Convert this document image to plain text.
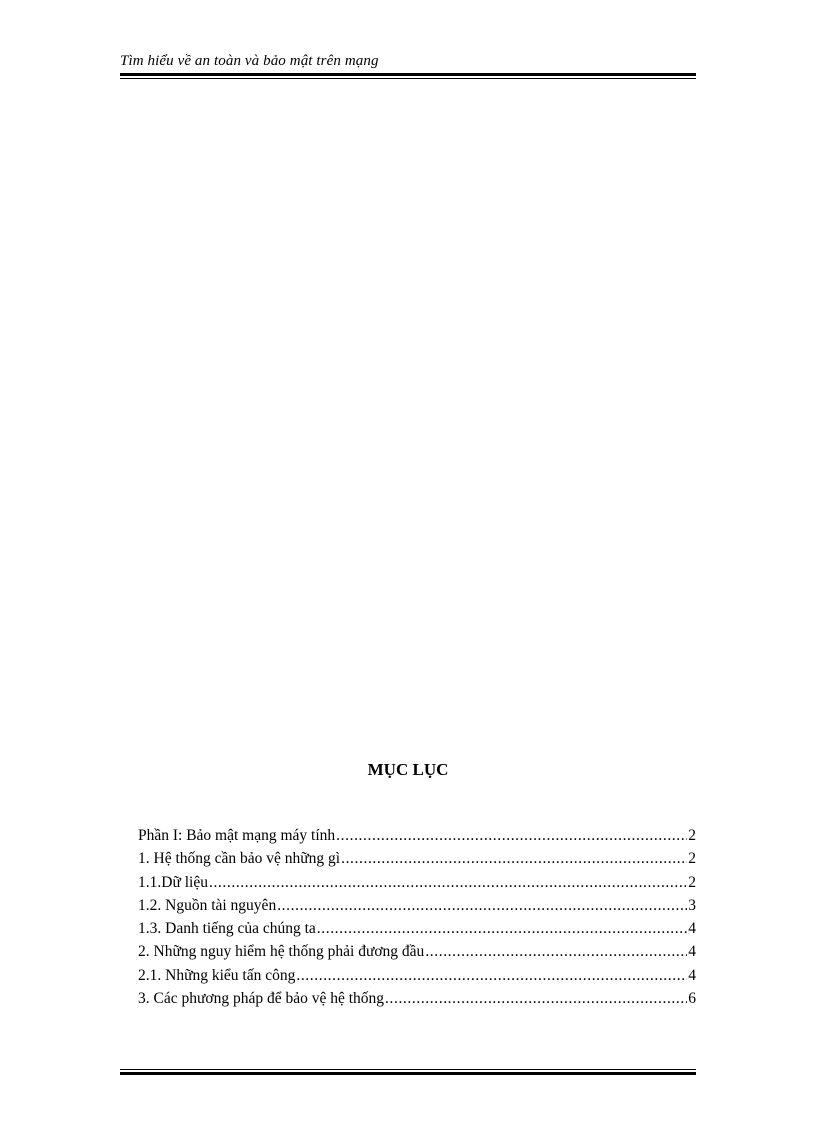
Tìm hiểu về an toàn và bảo mật trên mạng
MỤC LỤC
Phần I: Bảo mật mạng máy tính .....	2
1. Hệ thống cần bảo vệ những gì .....	2
1.1.Dữ liệu .....	2
1.2. Nguồn tài nguyên .....	3
1.3. Danh tiếng của chúng ta .....	4
2. Những nguy hiểm hệ thống phải đương đầu .....	4
2.1. Những kiểu tấn công .....	4
3. Các phương pháp để bảo vệ hệ thống .....	6
